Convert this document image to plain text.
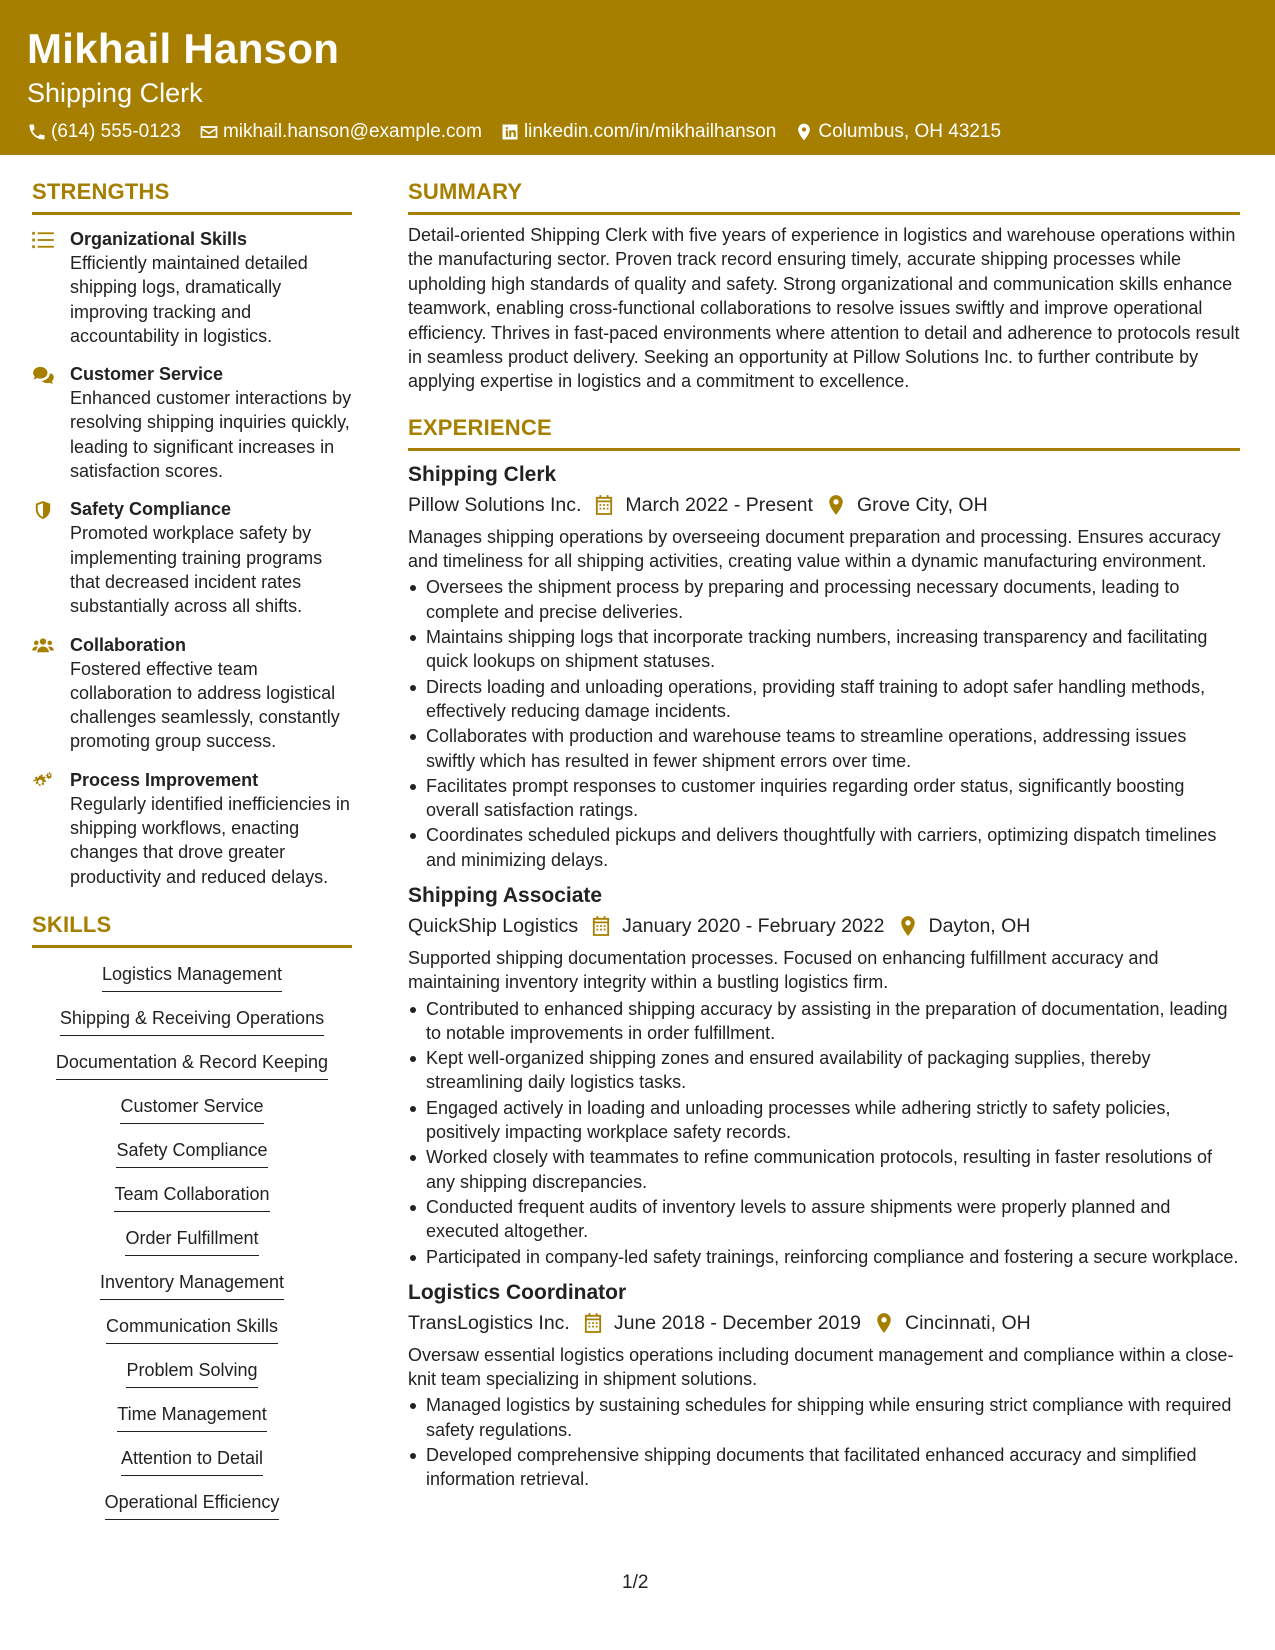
Mikhail Hanson
Shipping Clerk
(614) 555-0123 mikhail.hanson@example.com linkedin.com/in/mikhailhanson Columbus, OH 43215
STRENGTHS
Organizational Skills
Efficiently maintained detailed shipping logs, dramatically improving tracking and accountability in logistics.
Customer Service
Enhanced customer interactions by resolving shipping inquiries quickly, leading to significant increases in satisfaction scores.
Safety Compliance
Promoted workplace safety by implementing training programs that decreased incident rates substantially across all shifts.
Collaboration
Fostered effective team collaboration to address logistical challenges seamlessly, constantly promoting group success.
Process Improvement
Regularly identified inefficiencies in shipping workflows, enacting changes that drove greater productivity and reduced delays.
SKILLS
Logistics Management
Shipping & Receiving Operations
Documentation & Record Keeping
Customer Service
Safety Compliance
Team Collaboration
Order Fulfillment
Inventory Management
Communication Skills
Problem Solving
Time Management
Attention to Detail
Operational Efficiency
SUMMARY
Detail-oriented Shipping Clerk with five years of experience in logistics and warehouse operations within the manufacturing sector. Proven track record ensuring timely, accurate shipping processes while upholding high standards of quality and safety. Strong organizational and communication skills enhance teamwork, enabling cross-functional collaborations to resolve issues swiftly and improve operational efficiency. Thrives in fast-paced environments where attention to detail and adherence to protocols result in seamless product delivery. Seeking an opportunity at Pillow Solutions Inc. to further contribute by applying expertise in logistics and a commitment to excellence.
EXPERIENCE
Shipping Clerk
Pillow Solutions Inc. March 2022 - Present Grove City, OH
Manages shipping operations by overseeing document preparation and processing. Ensures accuracy and timeliness for all shipping activities, creating value within a dynamic manufacturing environment.
Oversees the shipment process by preparing and processing necessary documents, leading to complete and precise deliveries.
Maintains shipping logs that incorporate tracking numbers, increasing transparency and facilitating quick lookups on shipment statuses.
Directs loading and unloading operations, providing staff training to adopt safer handling methods, effectively reducing damage incidents.
Collaborates with production and warehouse teams to streamline operations, addressing issues swiftly which has resulted in fewer shipment errors over time.
Facilitates prompt responses to customer inquiries regarding order status, significantly boosting overall satisfaction ratings.
Coordinates scheduled pickups and delivers thoughtfully with carriers, optimizing dispatch timelines and minimizing delays.
Shipping Associate
QuickShip Logistics January 2020 - February 2022 Dayton, OH
Supported shipping documentation processes. Focused on enhancing fulfillment accuracy and maintaining inventory integrity within a bustling logistics firm.
Contributed to enhanced shipping accuracy by assisting in the preparation of documentation, leading to notable improvements in order fulfillment.
Kept well-organized shipping zones and ensured availability of packaging supplies, thereby streamlining daily logistics tasks.
Engaged actively in loading and unloading processes while adhering strictly to safety policies, positively impacting workplace safety records.
Worked closely with teammates to refine communication protocols, resulting in faster resolutions of any shipping discrepancies.
Conducted frequent audits of inventory levels to assure shipments were properly planned and executed altogether.
Participated in company-led safety trainings, reinforcing compliance and fostering a secure workplace.
Logistics Coordinator
TransLogistics Inc. June 2018 - December 2019 Cincinnati, OH
Oversaw essential logistics operations including document management and compliance within a close-knit team specializing in shipment solutions.
Managed logistics by sustaining schedules for shipping while ensuring strict compliance with required safety regulations.
Developed comprehensive shipping documents that facilitated enhanced accuracy and simplified information retrieval.
1/2
